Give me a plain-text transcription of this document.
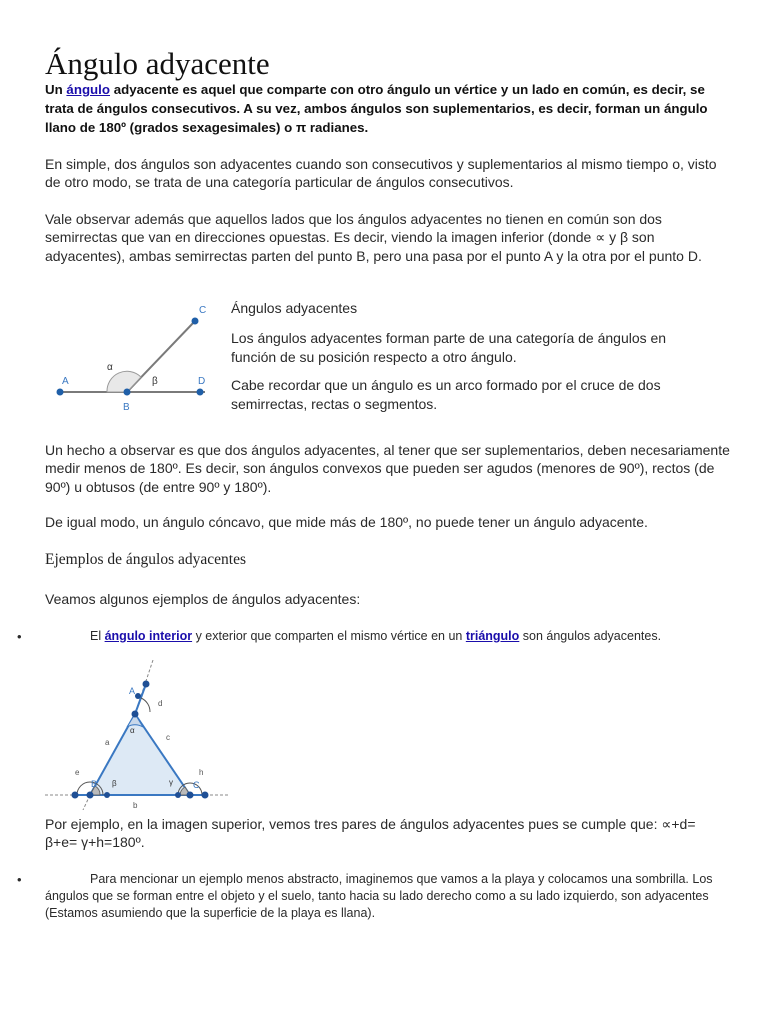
Ángulo adyacente

Un ángulo adyacente es aquel que comparte con otro ángulo un vértice y un lado en común, es decir, se trata de ángulos consecutivos. A su vez, ambos ángulos son suplementarios, es decir, forman un ángulo llano de 180º (grados sexagesimales) o π radianes.

En simple, dos ángulos son adyacentes cuando son consecutivos y suplementarios al mismo tiempo o, visto de otro modo, se trata de una categoría particular de ángulos consecutivos.

Vale observar además que aquellos lados que los ángulos adyacentes no tienen en común son dos semirrectas que van en direcciones opuestas. Es decir, viendo la imagen inferior (donde ∝ y β son adyacentes), ambas semirrectas parten del punto B, pero una pasa por el punto A y la otra por el punto D.

A
B
C
D
α
β

Ángulos adyacentes

Los ángulos adyacentes forman parte de una categoría de ángulos en función de su posición respecto a otro ángulo.

Cabe recordar que un ángulo es un arco formado por el cruce de dos semirrectas, rectas o segmentos.

Un hecho a observar es que dos ángulos adyacentes, al tener que ser suplementarios, deben necesariamente medir menos de 180º. Es decir, son ángulos convexos que pueden ser agudos (menores de 90º), rectos (de 90º) u obtusos (de entre 90º y 180º).

De igual modo, un ángulo cóncavo, que mide más de 180º, no puede tener un ángulo adyacente.

Ejemplos de ángulos adyacentes

Veamos algunos ejemplos de ángulos adyacentes:

•	El ángulo interior y exterior que comparten el mismo vértice en un triángulo son ángulos adyacentes.
A
B	C
a
b
c
d
e	h
α
β	γ

Por ejemplo, en la imagen superior, vemos tres pares de ángulos adyacentes pues se cumple que: ∝+d= β+e= γ+h=180º.

•	Para mencionar un ejemplo menos abstracto, imaginemos que vamos a la playa y colocamos una sombrilla. Los ángulos que se forman entre el objeto y el suelo, tanto hacia su lado derecho como a su lado izquierdo, son adyacentes (Estamos asumiendo que la superficie de la playa es llana).
